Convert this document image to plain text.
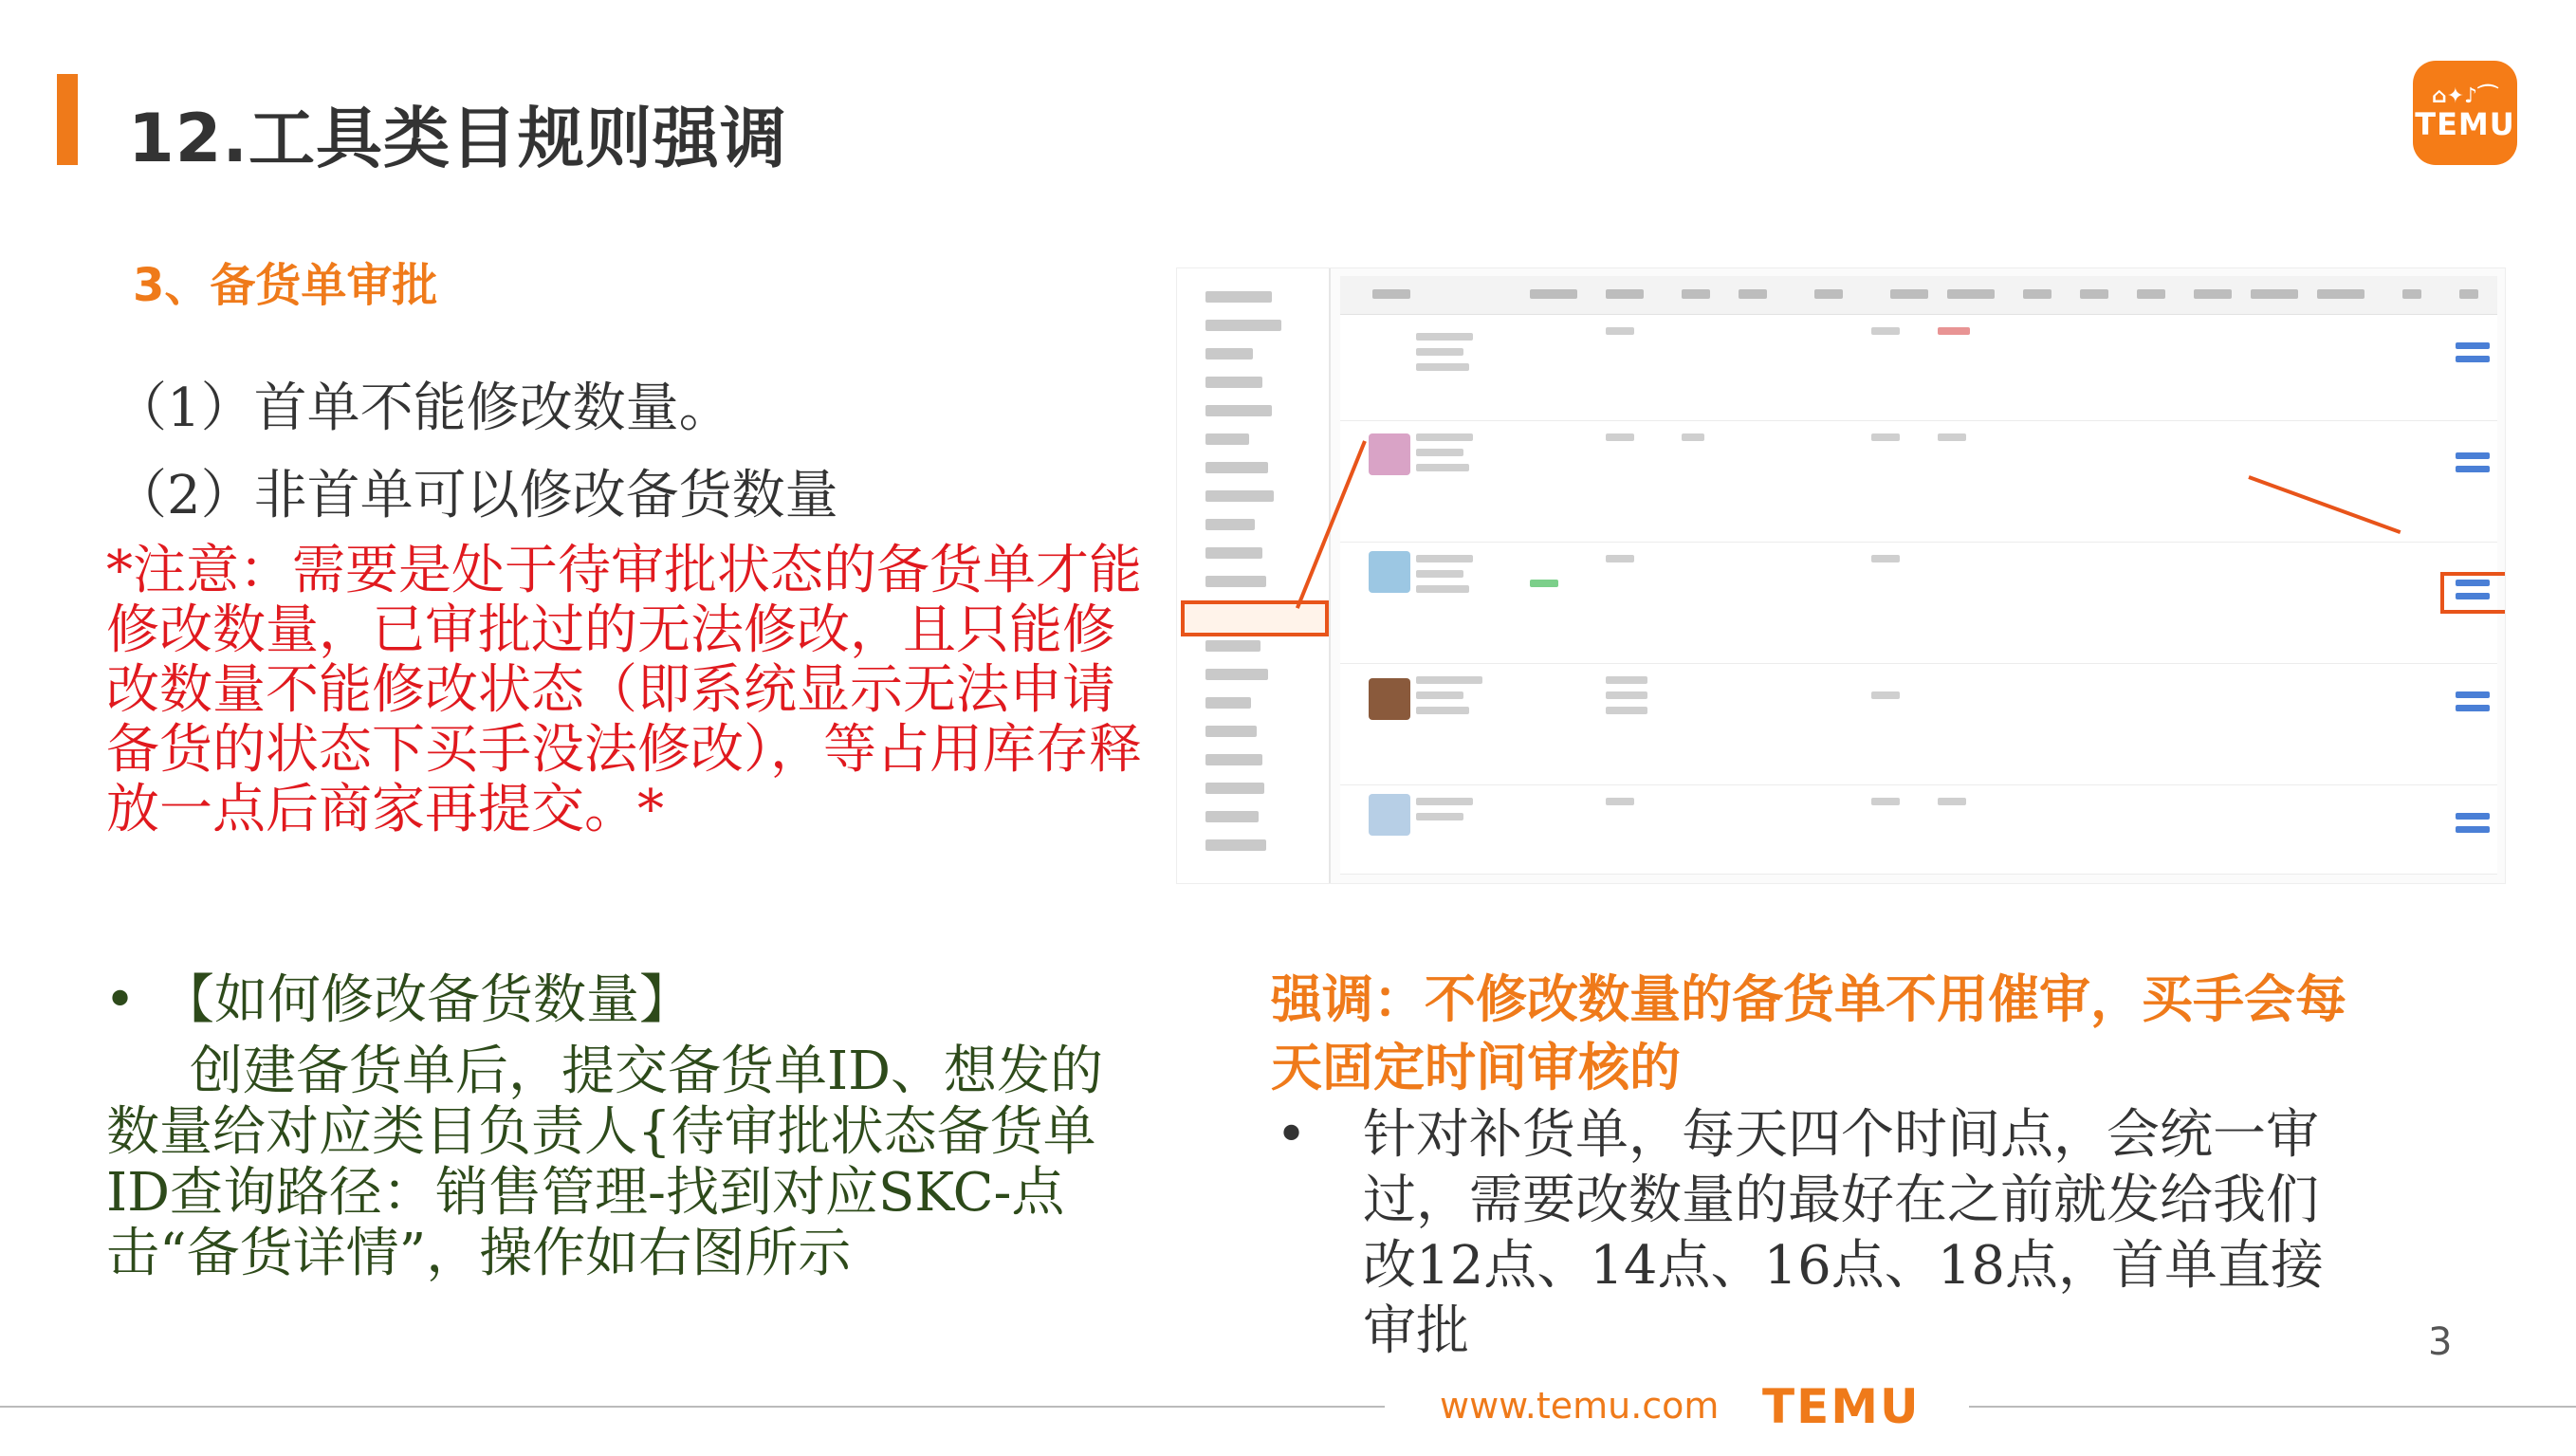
12.工具类目规则强调
⌂✦♪⌒
TEMU
3、备货单审批
（1）首单不能修改数量。
（2）非首单可以修改备货数量
*注意：需要是处于待审批状态的备货单才能修改数量，已审批过的无法修改，且只能修改数量不能修改状态（即系统显示无法申请备货的状态下买手没法修改），等占用库存释放一点后商家再提交。*
• 【如何修改备货数量】
创建备货单后，提交备货单ID、想发的数量给对应类目负责人{待审批状态备货单ID查询路径：销售管理-找到对应SKC-点击“备货详情”，操作如右图所示
强调：不修改数量的备货单不用催审，买手会每天固定时间审核的
• 针对补货单，每天四个时间点，会统一审过，需要改数量的最好在之前就发给我们改12点、14点、16点、18点，首单直接审批	3
www.temu.com TEMU
